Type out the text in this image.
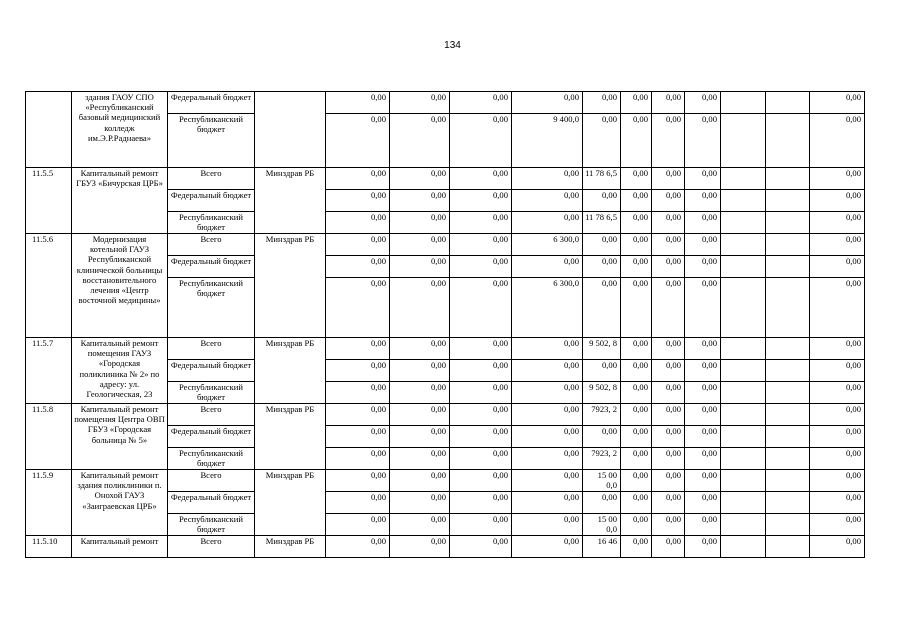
134
	здания ГАОУ СПО «Республиканский базовый медицинский колледж им.Э.Р.Раднаева»	Федеральный бюджет		0,00	0,00	0,00	0,00	0,00	0,00	0,00	0,00			0,00
		Республиканский бюджет		0,00	0,00	0,00	9 400,0	0,00	0,00	0,00	0,00			0,00
11.5.5	Капитальный ремонт ГБУЗ «Бичурская ЦРБ»	Всего	Минздрав РБ	0,00	0,00	0,00	0,00	11 78 6,5	0,00	0,00	0,00			0,00
		Федеральный бюджет		0,00	0,00	0,00	0,00	0,00	0,00	0,00	0,00			0,00
		Республиканский бюджет		0,00	0,00	0,00	0,00	11 78 6,5	0,00	0,00	0,00			0,00
11.5.6	Модернизация котельной ГАУЗ Республиканской клинической больницы восстановительного лечения «Центр восточной медицины»	Всего	Минздрав РБ	0,00	0,00	0,00	6 300,0	0,00	0,00	0,00	0,00			0,00
		Федеральный бюджет		0,00	0,00	0,00	0,00	0,00	0,00	0,00	0,00			0,00
		Республиканский бюджет		0,00	0,00	0,00	6 300,0	0,00	0,00	0,00	0,00			0,00
11.5.7	Капитальный ремонт помещения ГАУЗ «Городская поликлиника № 2» по адресу: ул. Геологическая, 23	Всего	Минздрав РБ	0,00	0,00	0,00	0,00	9 502, 8	0,00	0,00	0,00			0,00
		Федеральный бюджет		0,00	0,00	0,00	0,00	0,00	0,00	0,00	0,00			0,00
		Республиканский бюджет		0,00	0,00	0,00	0,00	9 502, 8	0,00	0,00	0,00			0,00
11.5.8	Капитальный ремонт помещения Центра ОВП ГБУЗ «Городская больница № 5»	Всего	Минздрав РБ	0,00	0,00	0,00	0,00	7923, 2	0,00	0,00	0,00			0,00
		Федеральный бюджет		0,00	0,00	0,00	0,00	0,00	0,00	0,00	0,00			0,00
		Республиканский бюджет		0,00	0,00	0,00	0,00	7923, 2	0,00	0,00	0,00			0,00
11.5.9	Капитальный ремонт здания поликлиники п. Онохой ГАУЗ «Заиграевская ЦРБ»	Всего	Минздрав РБ	0,00	0,00	0,00	0,00	15 00 0,0	0,00	0,00	0,00			0,00
		Федеральный бюджет		0,00	0,00	0,00	0,00	0,00	0,00	0,00	0,00			0,00
		Республиканский бюджет		0,00	0,00	0,00	0,00	15 00 0,0	0,00	0,00	0,00			0,00
11.5.10	Капитальный ремонт	Всего	Минздрав РБ	0,00	0,00	0,00	0,00	16 46	0,00	0,00	0,00			0,00
